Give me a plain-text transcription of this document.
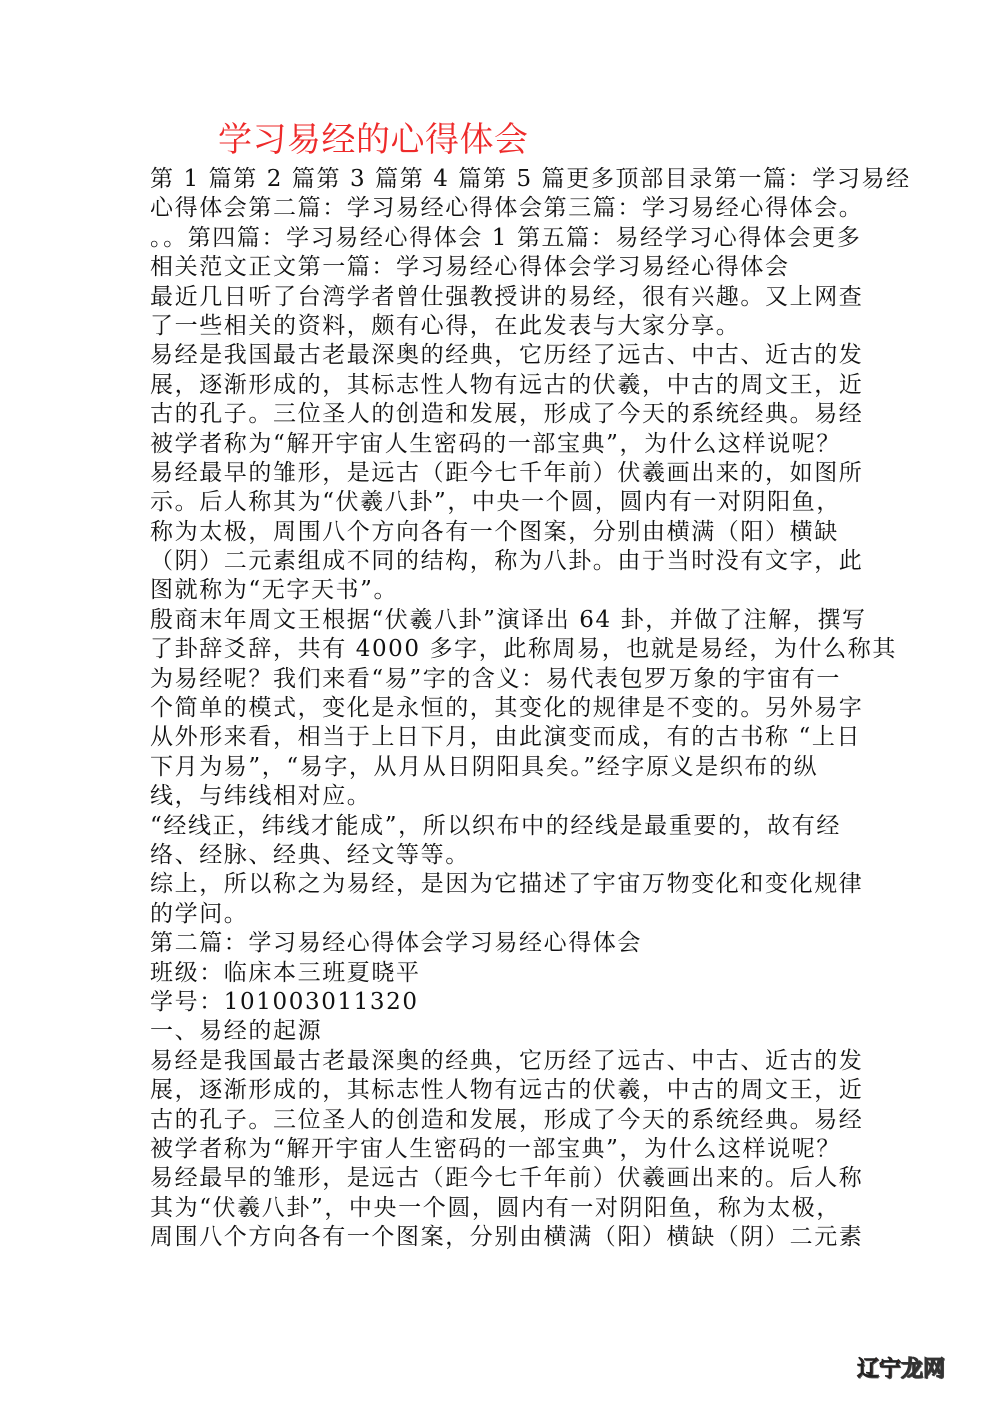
学习易经的心得体会
第 1 篇第 2 篇第 3 篇第 4 篇第 5 篇更多顶部目录第一篇：学习易经
心得体会第二篇：学习易经心得体会第三篇：学习易经心得体会。
。。第四篇：学习易经心得体会 1 第五篇：易经学习心得体会更多
相关范文正文第一篇：学习易经心得体会学习易经心得体会
最近几日听了台湾学者曾仕强教授讲的易经，很有兴趣。又上网查
了一些相关的资料，颇有心得，在此发表与大家分享。
易经是我国最古老最深奥的经典，它历经了远古、中古、近古的发
展，逐渐形成的，其标志性人物有远古的伏羲，中古的周文王，近
古的孔子。三位圣人的创造和发展，形成了今天的系统经典。易经
被学者称为“解开宇宙人生密码的一部宝典”，为什么这样说呢？
易经最早的雏形，是远古（距今七千年前）伏羲画出来的，如图所
示。后人称其为“伏羲八卦”，中央一个圆，圆内有一对阴阳鱼，
称为太极，周围八个方向各有一个图案，分别由横满（阳）横缺
（阴）二元素组成不同的结构，称为八卦。由于当时没有文字，此
图就称为“无字天书”。
殷商末年周文王根据“伏羲八卦”演译出 64 卦，并做了注解，撰写
了卦辞爻辞，共有 4000 多字，此称周易，也就是易经，为什么称其
为易经呢？我们来看“易”字的含义：易代表包罗万象的宇宙有一
个简单的模式，变化是永恒的，其变化的规律是不变的。另外易字
从外形来看，相当于上日下月，由此演变而成，有的古书称 “上日
下月为易”，“易字，从月从日阴阳具矣。”经字原义是织布的纵
线，与纬线相对应。
“经线正，纬线才能成”，所以织布中的经线是最重要的，故有经
络、经脉、经典、经文等等。
综上，所以称之为易经，是因为它描述了宇宙万物变化和变化规律
的学问。
第二篇：学习易经心得体会学习易经心得体会
班级：临床本三班夏晓平
学号：101003011320
一、易经的起源
易经是我国最古老最深奥的经典，它历经了远古、中古、近古的发
展，逐渐形成的，其标志性人物有远古的伏羲，中古的周文王，近
古的孔子。三位圣人的创造和发展，形成了今天的系统经典。易经
被学者称为“解开宇宙人生密码的一部宝典”，为什么这样说呢？
易经最早的雏形，是远古（距今七千年前）伏羲画出来的。后人称
其为“伏羲八卦”，中央一个圆，圆内有一对阴阳鱼，称为太极，
周围八个方向各有一个图案，分别由横满（阳）横缺（阴）二元素
辽宁龙网
